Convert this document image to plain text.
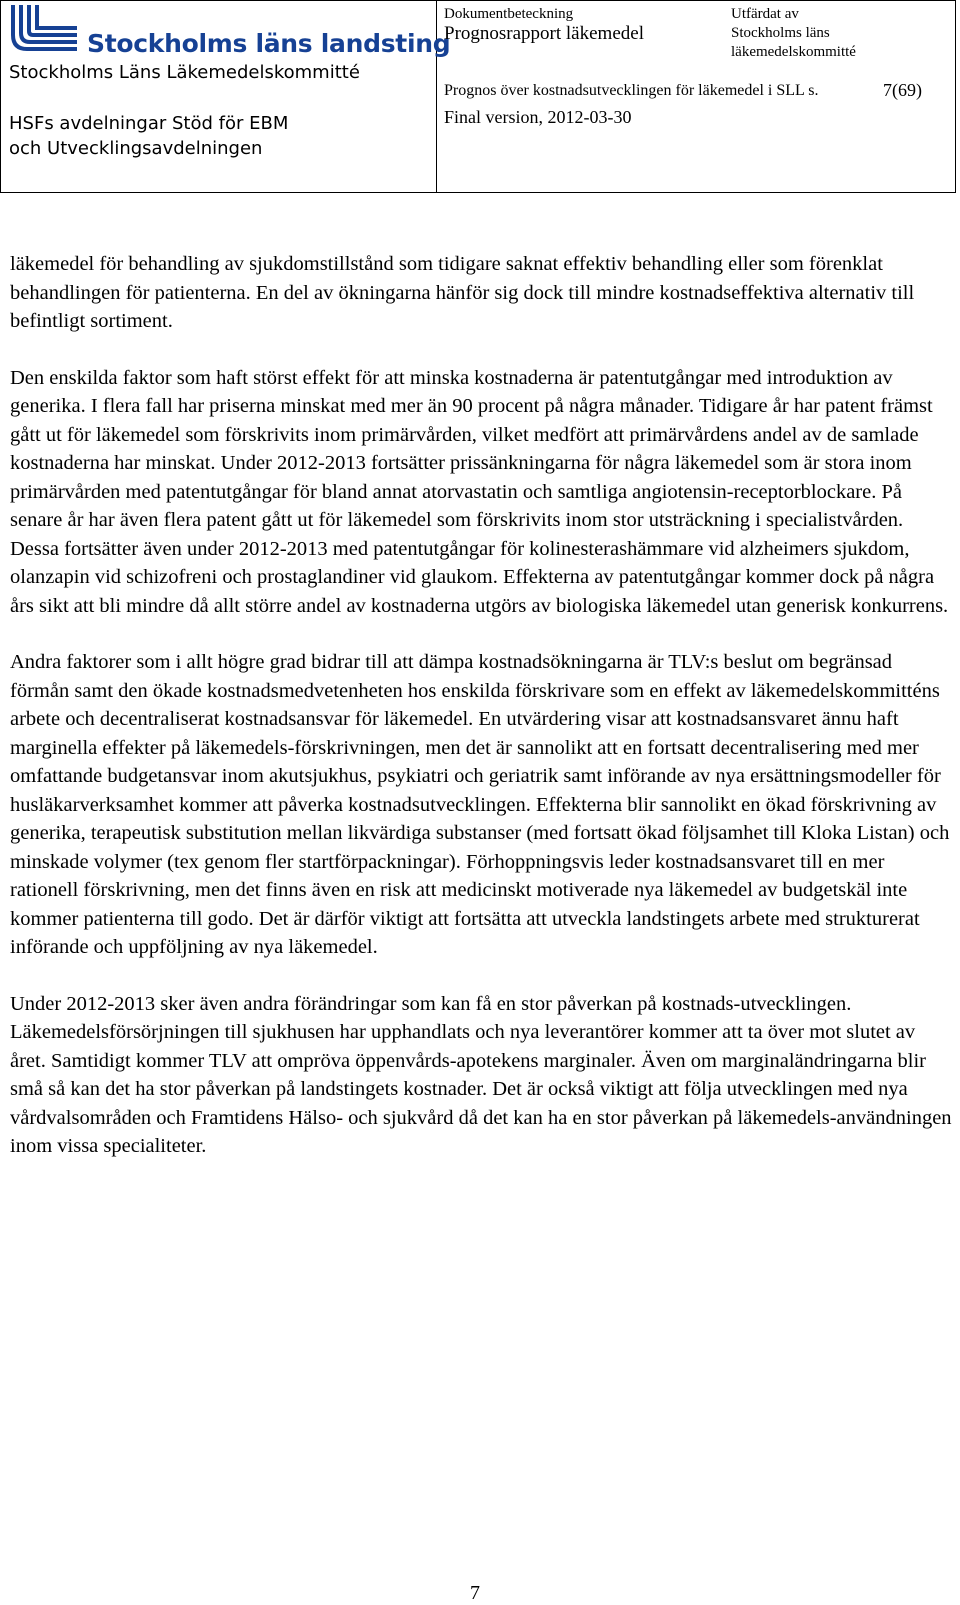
Stockholms läns landsting
Stockholms Läns Läkemedelskommitté
HSFs avdelningar Stöd för EBM
och Utvecklingsavdelningen
Dokumentbeteckning
Prognosrapport läkemedel
Utfärdat av
Stockholms läns
läkemedelskommitté
Prognos över kostnadsutvecklingen för läkemedel i SLL s.	7(69)
Final version, 2012-03-30

läkemedel för behandling av sjukdomstillstånd som tidigare saknat effektiv behandling eller som förenklat behandlingen för patienterna. En del av ökningarna hänför sig dock till mindre kostnadseffektiva alternativ till befintligt sortiment.

Den enskilda faktor som haft störst effekt för att minska kostnaderna är patentutgångar med introduktion av generika. I flera fall har priserna minskat med mer än 90 procent på några månader. Tidigare år har patent främst gått ut för läkemedel som förskrivits inom primärvården, vilket medfört att primärvårdens andel av de samlade kostnaderna har minskat. Under 2012-2013 fortsätter prissänkningarna för några läkemedel som är stora inom primärvården med patentutgångar för bland annat atorvastatin och samtliga angiotensin-receptorblockare. På senare år har även flera patent gått ut för läkemedel som förskrivits inom stor utsträckning i specialistvården. Dessa fortsätter även under 2012-2013 med patentutgångar för kolinesterashämmare vid alzheimers sjukdom, olanzapin vid schizofreni och prostaglandiner vid glaukom. Effekterna av patentutgångar kommer dock på några års sikt att bli mindre då allt större andel av kostnaderna utgörs av biologiska läkemedel utan generisk konkurrens.

Andra faktorer som i allt högre grad bidrar till att dämpa kostnadsökningarna är TLV:s beslut om begränsad förmån samt den ökade kostnadsmedvetenheten hos enskilda förskrivare som en effekt av läkemedelskommitténs arbete och decentraliserat kostnadsansvar för läkemedel. En utvärdering visar att kostnadsansvaret ännu haft marginella effekter på läkemedels-förskrivningen, men det är sannolikt att en fortsatt decentralisering med mer omfattande budgetansvar inom akutsjukhus, psykiatri och geriatrik samt införande av nya ersättningsmodeller för husläkarverksamhet kommer att påverka kostnadsutvecklingen. Effekterna blir sannolikt en ökad förskrivning av generika, terapeutisk substitution mellan likvärdiga substanser (med fortsatt ökad följsamhet till Kloka Listan) och minskade volymer (tex genom fler startförpackningar). Förhoppningsvis leder kostnadsansvaret till en mer rationell förskrivning, men det finns även en risk att medicinskt motiverade nya läkemedel av budgetskäl inte kommer patienterna till godo. Det är därför viktigt att fortsätta att utveckla landstingets arbete med strukturerat införande och uppföljning av nya läkemedel.

Under 2012-2013 sker även andra förändringar som kan få en stor påverkan på kostnads-utvecklingen. Läkemedelsförsörjningen till sjukhusen har upphandlats och nya leverantörer kommer att ta över mot slutet av året. Samtidigt kommer TLV att ompröva öppenvårds-apotekens marginaler. Även om marginaländringarna blir små så kan det ha stor påverkan på landstingets kostnader. Det är också viktigt att följa utvecklingen med nya vårdvalsområden och Framtidens Hälso- och sjukvård då det kan ha en stor påverkan på läkemedels-användningen inom vissa specialiteter.

7
